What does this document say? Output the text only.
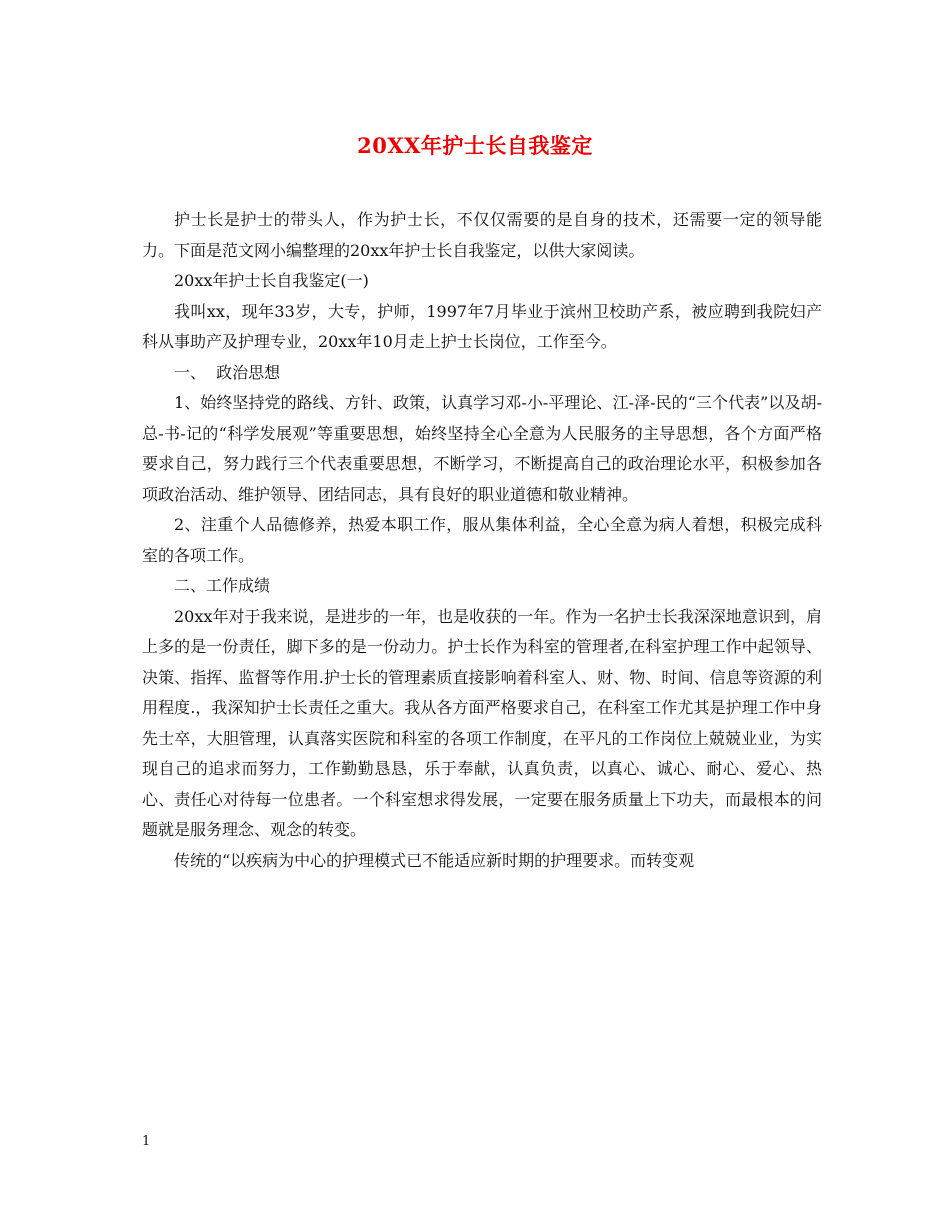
20XX年护士长自我鉴定

护士长是护士的带头人，作为护士长，不仅仅需要的是自身的技术，还需要一定的领导能力。下面是范文网小编整理的20xx年护士长自我鉴定，以供大家阅读。

20xx年护士长自我鉴定(一)

我叫xx，现年33岁，大专，护师，1997年7月毕业于滨州卫校助产系，被应聘到我院妇产科从事助产及护理专业，20xx年10月走上护士长岗位，工作至今。

一、  政治思想

1、始终坚持党的路线、方针、政策，认真学习邓-小-平理论、江-泽-民的“三个代表”以及胡-总-书-记的“科学发展观”等重要思想，始终坚持全心全意为人民服务的主导思想，各个方面严格要求自己，努力践行三个代表重要思想，不断学习，不断提高自己的政治理论水平，积极参加各项政治活动、维护领导、团结同志，具有良好的职业道德和敬业精神。

2、注重个人品德修养，热爱本职工作，服从集体利益，全心全意为病人着想，积极完成科室的各项工作。

二、工作成绩

20xx年对于我来说，是进步的一年，也是收获的一年。作为一名护士长我深深地意识到，肩上多的是一份责任，脚下多的是一份动力。护士长作为科室的管理者,在科室护理工作中起领导、决策、指挥、监督等作用.护士长的管理素质直接影响着科室人、财、物、时间、信息等资源的利用程度.，我深知护士长责任之重大。我从各方面严格要求自己，在科室工作尤其是护理工作中身先士卒，大胆管理，认真落实医院和科室的各项工作制度，在平凡的工作岗位上兢兢业业，为实现自己的追求而努力，工作勤勤恳恳，乐于奉献，认真负责，以真心、诚心、耐心、爱心、热心、责任心对待每一位患者。一个科室想求得发展，一定要在服务质量上下功夫，而最根本的问题就是服务理念、观念的转变。

传统的“以疾病为中心的护理模式已不能适应新时期的护理要求。而转变观

1
